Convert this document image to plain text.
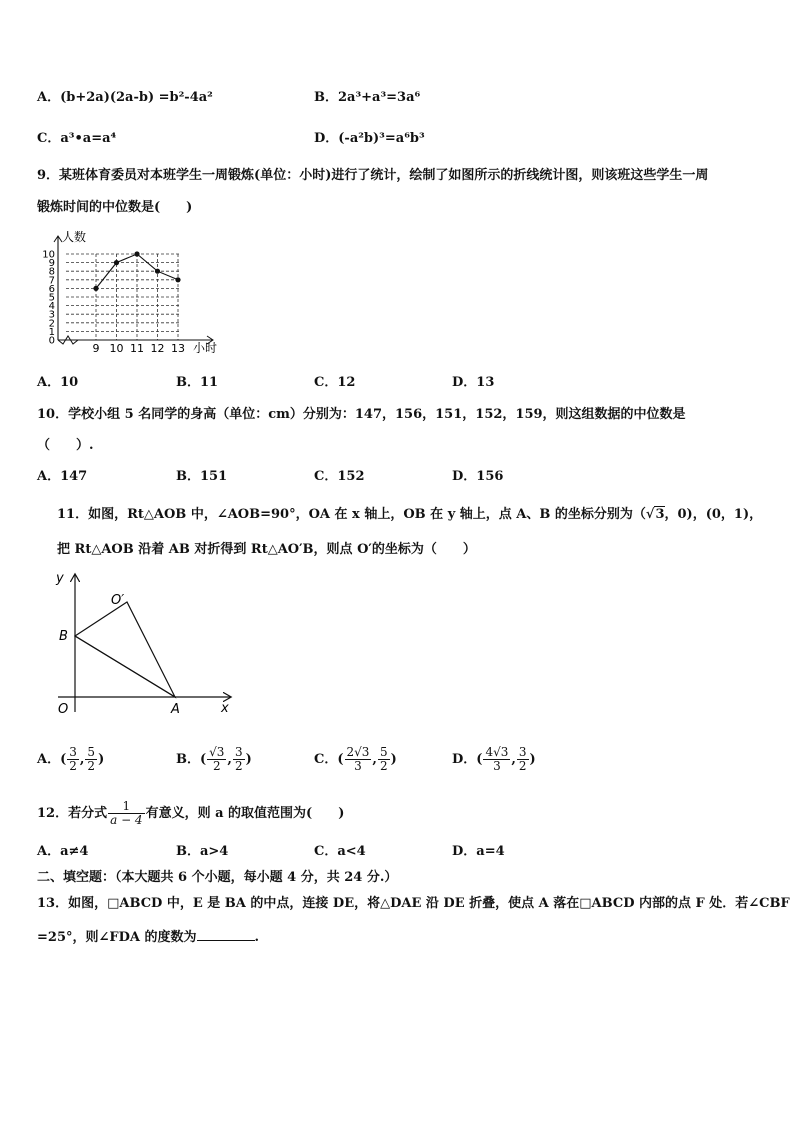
A．(b+2a)(2a-b) =b²-4a²	B．2a³+a³=3a⁶
C．a³•a=a⁴	D．(-a²b)³=a⁶b³
9．某班体育委员对本班学生一周锻炼(单位：小时)进行了统计，绘制了如图所示的折线统计图，则该班这些学生一周
锻炼时间的中位数是(　　)
0
1
2
3
4
5
6
7
8
9
10
9 10 11 12 13
人数
小时
A．10	B．11	C．12	D．13
10．学校小组 5 名同学的身高（单位：cm）分别为：147，156，151，152，159，则这组数据的中位数是
（　　）.
A．147	B．151	C．152	D．156
11．如图，Rt△AOB 中，∠AOB=90°，OA 在 x 轴上，OB 在 y 轴上，点 A、B 的坐标分别为（√3，0)，(0，1)，
把 Rt△AOB 沿着 AB 对折得到 Rt△AO′B，则点 O′的坐标为（　　）
y
O′
B
O	A	x
A．( $\frac{3}{2}$ , $\frac{5}{2}$ )	B．( $\frac{√3}{2}$ , $\frac{3}{2}$ )	C．( $\frac{2√3}{3}$ , $\frac{5}{2}$ )	D．( $\frac{4√3}{3}$ , $\frac{3}{2}$ )
12．若分式 $\frac{1}{a - 4}$ 有意义，则 a 的取值范围为(　　)
A．a≠4	B．a>4	C．a<4	D．a=4
二、填空题：（本大题共 6 个小题，每小题 4 分，共 24 分.）
13．如图，□ABCD 中，E 是 BA 的中点，连接 DE，将△DAE 沿 DE 折叠，使点 A 落在□ABCD 内部的点 F 处．若∠CBF
=25°，则∠FDA 的度数为	.
